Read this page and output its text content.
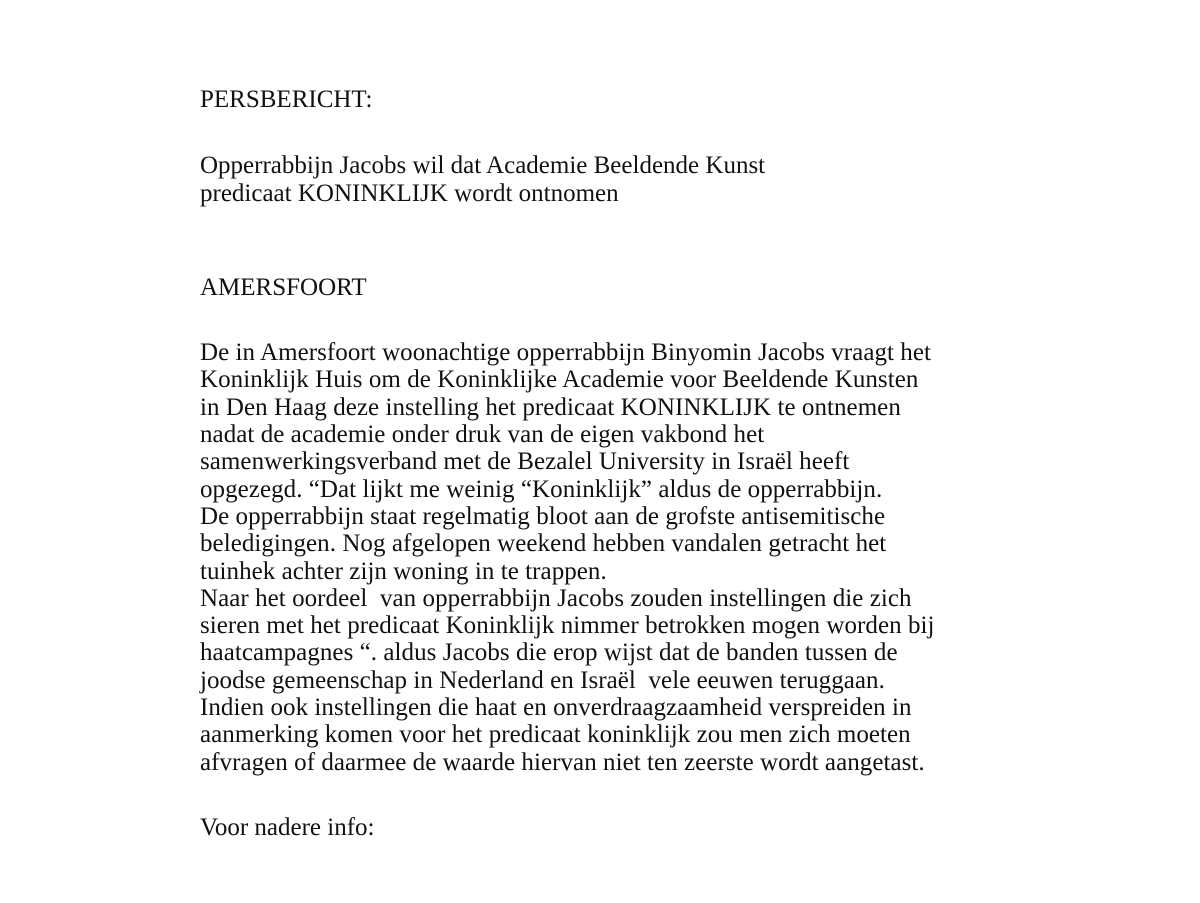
PERSBERICHT:

Opperrabbijn Jacobs wil dat Academie Beeldende Kunst
predicaat KONINKLIJK wordt ontnomen
AMERSFOORT
De in Amersfoort woonachtige opperrabbijn Binyomin Jacobs vraagt het
Koninklijk Huis om de Koninklijke Academie voor Beeldende Kunsten
in Den Haag deze instelling het predicaat KONINKLIJK te ontnemen
nadat de academie onder druk van de eigen vakbond het
samenwerkingsverband met de Bezalel University in Israël heeft
opgezegd. “Dat lijkt me weinig “Koninklijk” aldus de opperrabbijn.
De opperrabbijn staat regelmatig bloot aan de grofste antisemitische
beledigingen. Nog afgelopen weekend hebben vandalen getracht het
tuinhek achter zijn woning in te trappen.
Naar het oordeel  van opperrabbijn Jacobs zouden instellingen die zich
sieren met het predicaat Koninklijk nimmer betrokken mogen worden bij
haatcampagnes “. aldus Jacobs die erop wijst dat de banden tussen de
joodse gemeenschap in Nederland en Israël  vele eeuwen teruggaan.
Indien ook instellingen die haat en onverdraagzaamheid verspreiden in
aanmerking komen voor het predicaat koninklijk zou men zich moeten
afvragen of daarmee de waarde hiervan niet ten zeerste wordt aangetast.
Voor nadere info:
